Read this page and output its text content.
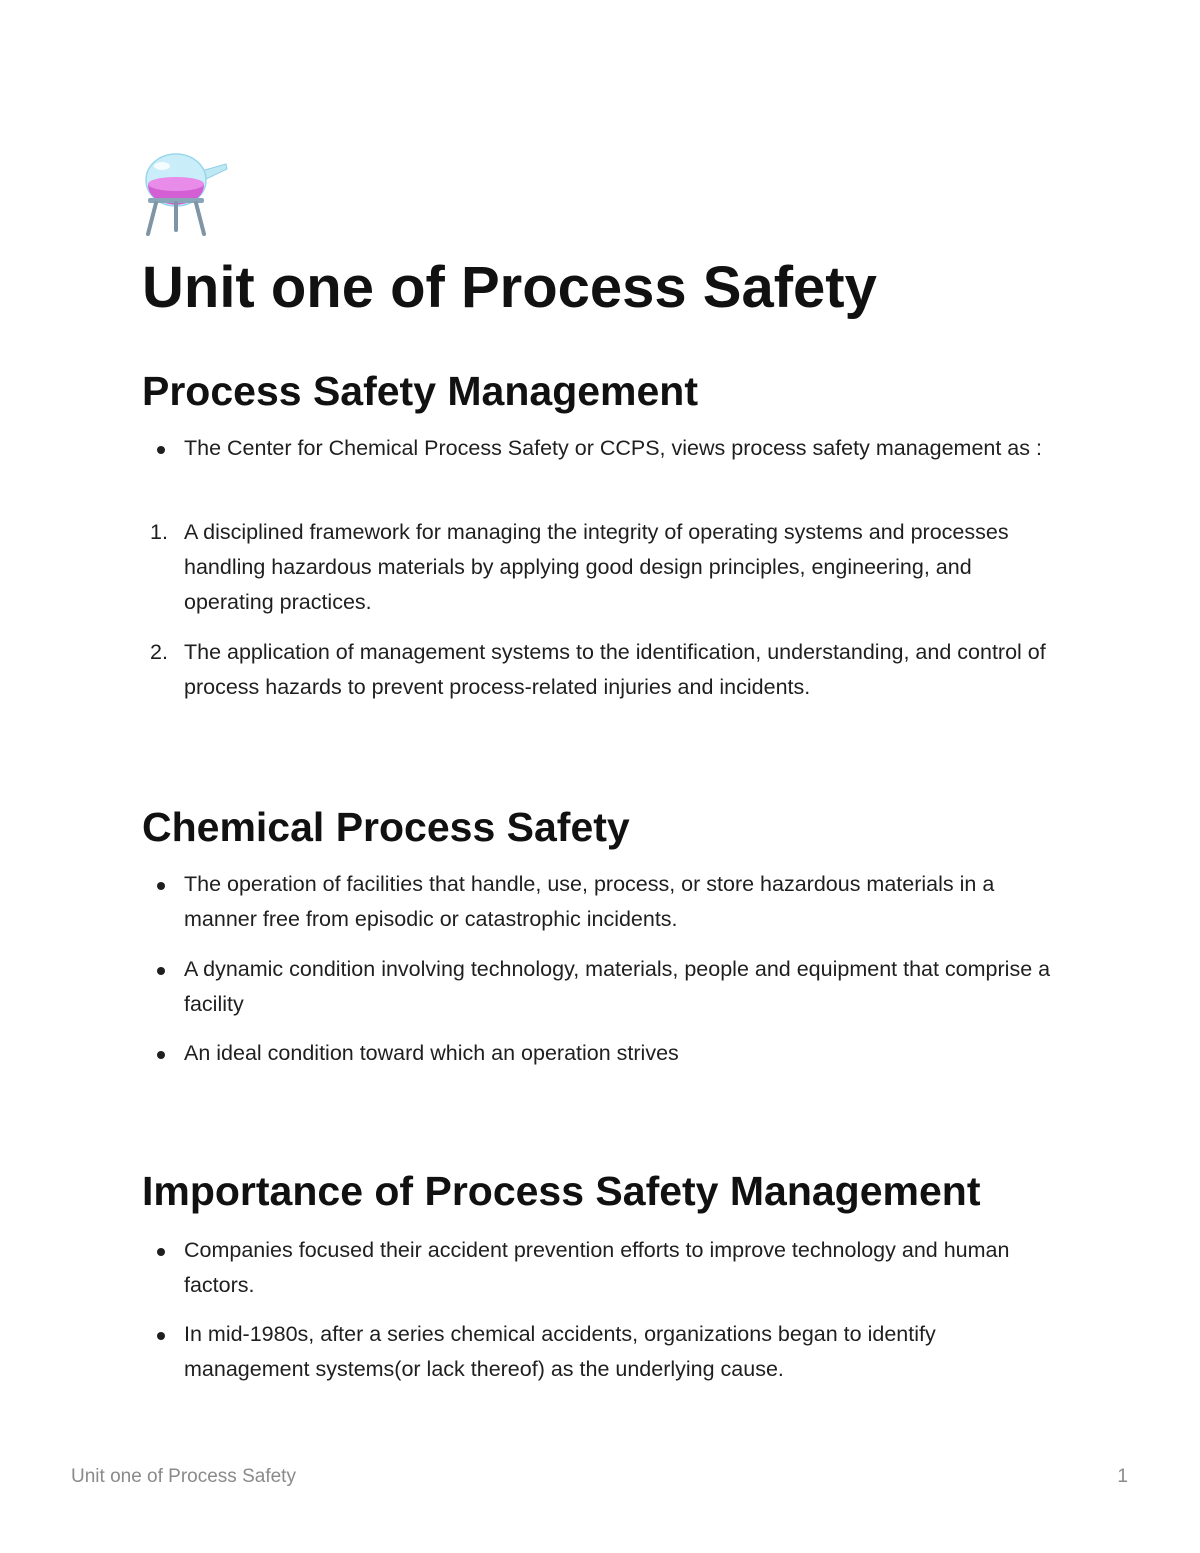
Unit one of Process Safety
Process Safety Management

The Center for Chemical Process Safety or CCPS, views process safety management as :

1. A disciplined framework for managing the integrity of operating systems and processes handling hazardous materials by applying good design principles, engineering, and operating practices.

2. The application of management systems to the identification, understanding, and control of process hazards to prevent process-related injuries and incidents.

Chemical Process Safety

The operation of facilities that handle, use, process, or store hazardous materials in a manner free from episodic or catastrophic incidents.

A dynamic condition involving technology, materials, people and equipment that comprise a facility

An ideal condition toward which an operation strives

Importance of Process Safety Management

Companies focused their accident prevention efforts to improve technology and human factors.

In mid-1980s, after a series chemical accidents, organizations began to identify management systems(or lack thereof) as the underlying cause.

Unit one of Process Safety	1
